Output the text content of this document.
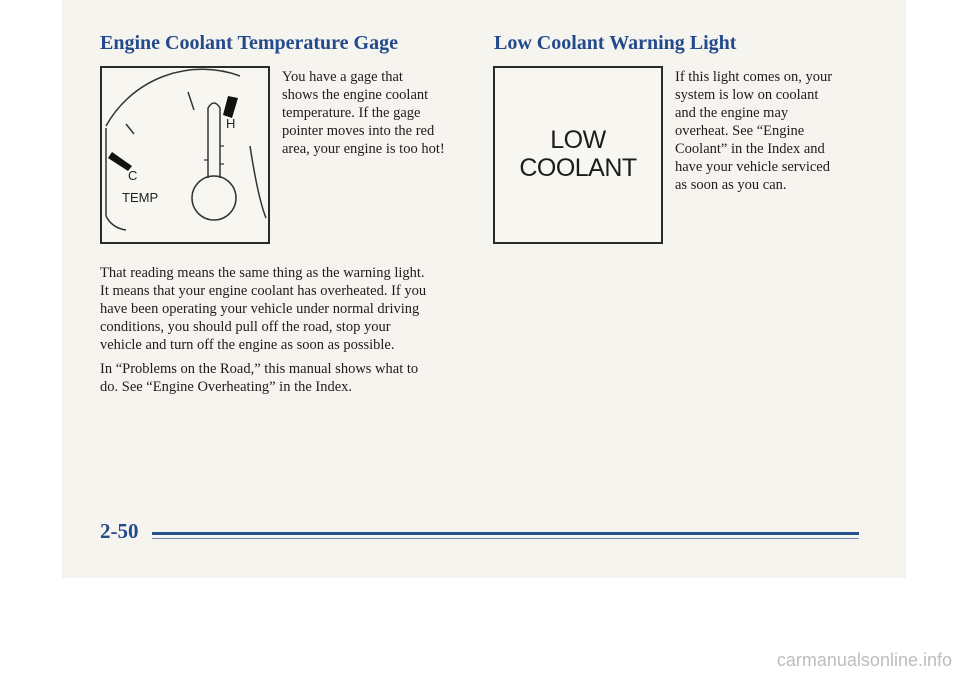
Engine Coolant Temperature Gage
H
C
TEMP
You have a gage that
shows the engine coolant
temperature. If the gage
pointer moves into the red
area, your engine is too hot!
That reading means the same thing as the warning light.
It means that your engine coolant has overheated. If you
have been operating your vehicle under normal driving
conditions, you should pull off the road, stop your
vehicle and turn off the engine as soon as possible.
In “Problems on the Road,” this manual shows what to
do. See “Engine Overheating” in the Index.
Low Coolant Warning Light
LOW
COOLANT
If this light comes on, your
system is low on coolant
and the engine may
overheat. See “Engine
Coolant” in the Index and
have your vehicle serviced
as soon as you can.
2-50
carmanualsonline.info
